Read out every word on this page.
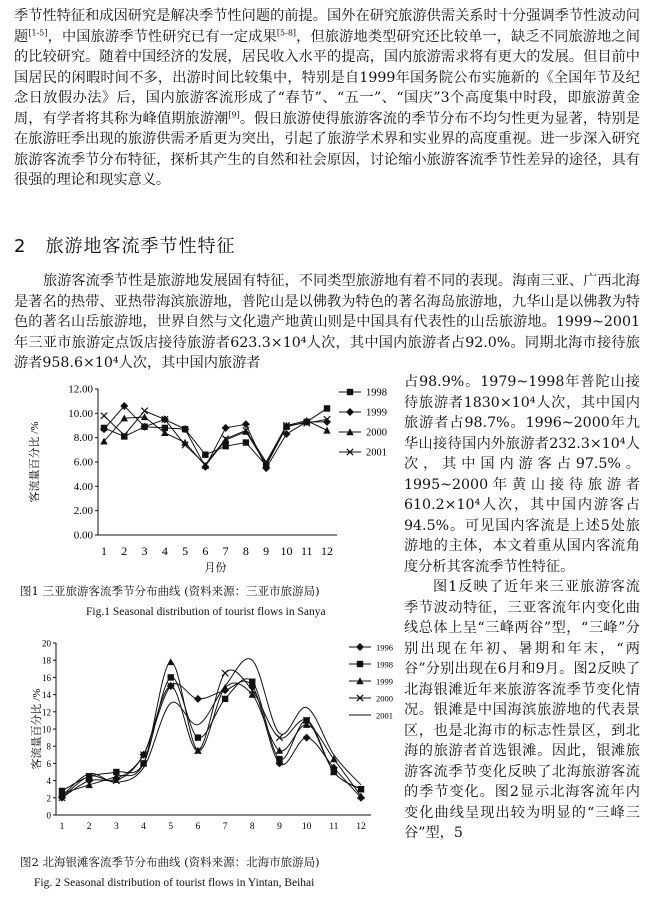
季节性特征和成因研究是解决季节性问题的前提。国外在研究旅游供需关系时十分强调季节性波动问题[1-5]，中国旅游季节性研究已有一定成果[5-8]，但旅游地类型研究还比较单一，缺乏不同旅游地之间的比较研究。随着中国经济的发展，居民收入水平的提高，国内旅游需求将有更大的发展。但目前中国居民的闲暇时间不多，出游时间比较集中，特别是自1999年国务院公布实施新的《全国年节及纪念日放假办法》后，国内旅游客流形成了“春节”、“五一”、“国庆”3个高度集中时段，即旅游黄金周，有学者将其称为峰值期旅游潮[9]。假日旅游使得旅游客流的季节分布不均匀性更为显著，特别是在旅游旺季出现的旅游供需矛盾更为突出，引起了旅游学术界和实业界的高度重视。进一步深入研究旅游客流季节分布特征，探析其产生的自然和社会原因，讨论缩小旅游客流季节性差异的途径，具有很强的理论和现实意义。

2　旅游地客流季节性特征

旅游客流季节性是旅游地发展固有特征，不同类型旅游地有着不同的表现。海南三亚、广西北海是著名的热带、亚热带海滨旅游地，普陀山是以佛教为特色的著名海岛旅游地，九华山是以佛教为特色的著名山岳旅游地，世界自然与文化遗产地黄山则是中国具有代表性的山岳旅游地。1999~2001年三亚市旅游定点饭店接待旅游者623.3×10⁴人次，其中国内旅游者占92.0%。同期北海市接待旅游者958.6×10⁴人次，其中国内旅游者

占98.9%。1979~1998年普陀山接待旅游者1830×10⁴人次，其中国内旅游者占98.7%。1996~2000年九华山接待国内外旅游者232.3×10⁴人次，其中国内游客占97.5%。1995~2000年黄山接待旅游者610.2×10⁴人次，其中国内游客占94.5%。可见国内客流是上述5处旅游地的主体，本文着重从国内客流角度分析其客流季节性特征。
图1反映了近年来三亚旅游客流季节波动特征，三亚客流年内变化曲线总体上呈“三峰两谷”型，“三峰”分别出现在年初、暑期和年末，“两谷”分别出现在6月和9月。图2反映了北海银滩近年来旅游客流季节变化情况。银滩是中国海滨旅游地的代表景区，也是北海市的标志性景区，到北海的旅游者首选银滩。因此，银滩旅游客流季节变化反映了北海旅游客流的季节变化。图2显示北海客流年内变化曲线呈现出较为明显的“三峰三谷”型，5
12.00
10.00
8.00
6.00
4.00
2.00
0.00
1 2 3 4 5 6 7 8 9 10 11 12
客流量百分比 /%
月份
1998
1999
2000
2001
图1 三亚旅游客流季节分布曲线 (资料来源：三亚市旅游局)
Fig.1 Seasonal distribution of tourist flows in Sanya
20
18
16
14
12
10
8
6
4
2
0
1 2 3 4 5 6 7 8 9 10 11 12
客流量百分比 /%
1996
1998
1999
2000
2001
图2 北海银滩客流季节分布曲线 (资料来源：北海市旅游局)
Fig. 2 Seasonal distribution of tourist flows in Yintan, Beihai
